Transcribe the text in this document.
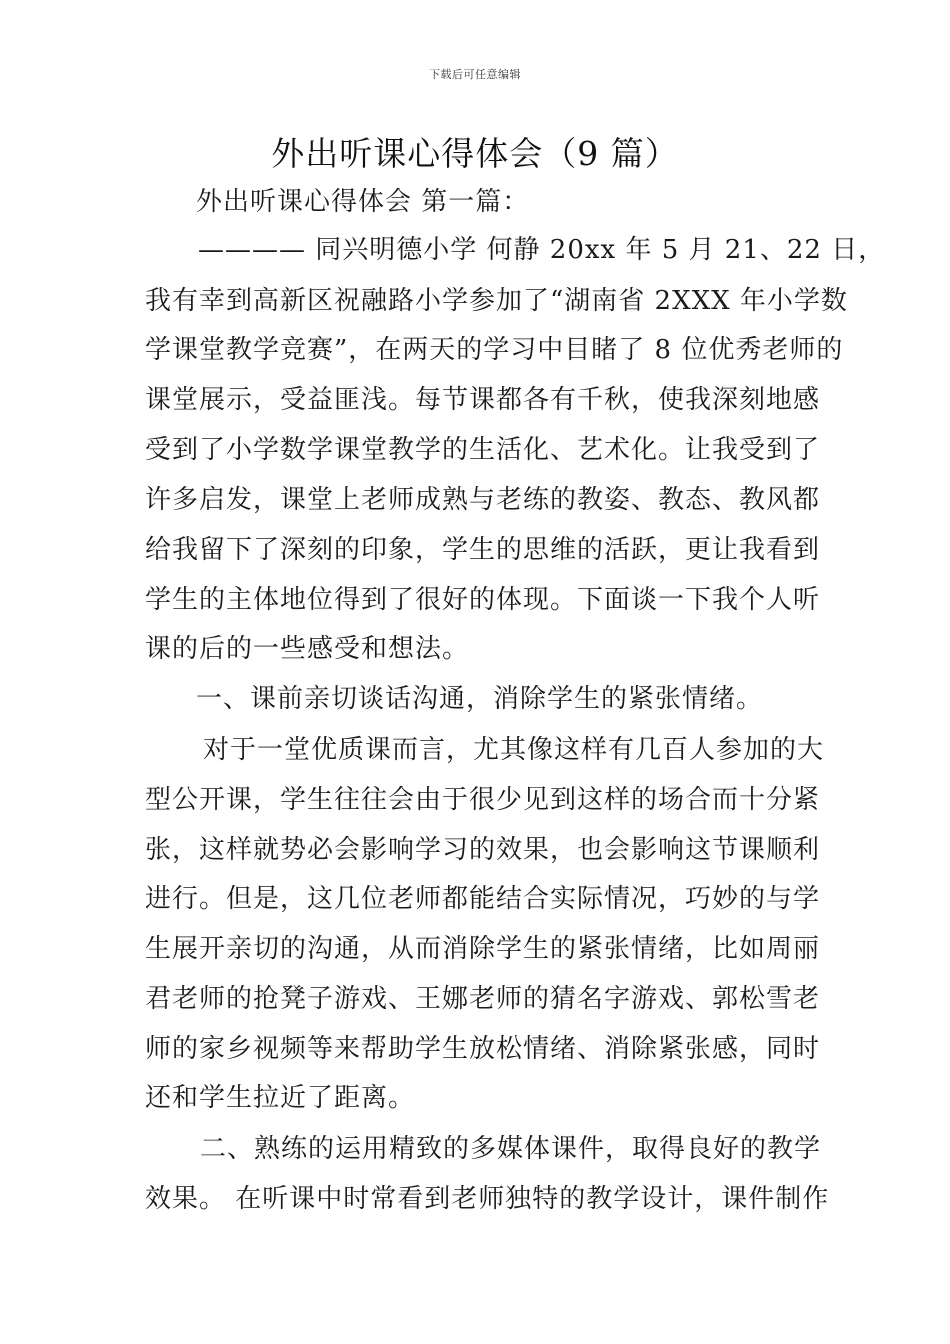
下载后可任意编辑
外出听课心得体会（9 篇）
外出听课心得体会 第一篇：
———— 同兴明德小学 何静 20xx 年 5 月 21、22 日，
我有幸到高新区祝融路小学参加了“湖南省 2XXX 年小学数
学课堂教学竞赛”，在两天的学习中目睹了 8 位优秀老师的
课堂展示，受益匪浅。每节课都各有千秋，使我深刻地感
受到了小学数学课堂教学的生活化、艺术化。让我受到了
许多启发，课堂上老师成熟与老练的教姿、教态、教风都
给我留下了深刻的印象，学生的思维的活跃，更让我看到
学生的主体地位得到了很好的体现。下面谈一下我个人听
课的后的一些感受和想法。
一、课前亲切谈话沟通，消除学生的紧张情绪。
对于一堂优质课而言，尤其像这样有几百人参加的大
型公开课，学生往往会由于很少见到这样的场合而十分紧
张，这样就势必会影响学习的效果，也会影响这节课顺利
进行。但是，这几位老师都能结合实际情况，巧妙的与学
生展开亲切的沟通，从而消除学生的紧张情绪，比如周丽
君老师的抢凳子游戏、王娜老师的猜名字游戏、郭松雪老
师的家乡视频等来帮助学生放松情绪、消除紧张感，同时
还和学生拉近了距离。
二、熟练的运用精致的多媒体课件，取得良好的教学
效果。 在听课中时常看到老师独特的教学设计，课件制作
